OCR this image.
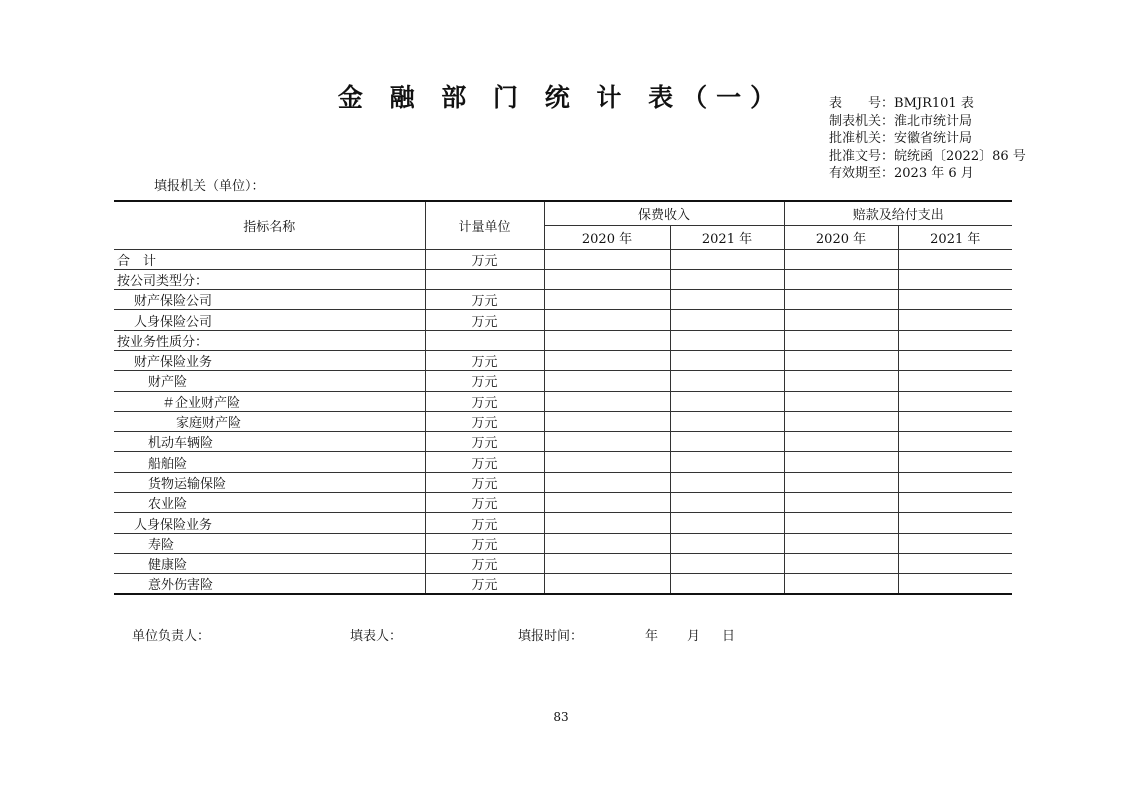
金 融 部 门 统 计 表（一）	表　　号：BMJR101 表
制表机关：淮北市统计局
批准机关：安徽省统计局
批准文号：皖统函〔2022〕86 号
有效期至：2023 年 6 月
填报机关（单位）：
指标名称	计量单位	保费收入		赔款及给付支出	
		2020 年	2021 年	2020 年	2021 年
合　计	万元				
按公司类型分：					
财产保险公司	万元				
人身保险公司	万元				
按业务性质分：					
财产保险业务	万元				
财产险	万元				
＃企业财产险	万元				
家庭财产险	万元				
机动车辆险	万元				
船舶险	万元				
货物运输保险	万元				
农业险	万元				
人身保险业务	万元				
寿险	万元				
健康险	万元				
意外伤害险	万元				
单位负责人：	填表人：	填报时间：	年 月 日
83
